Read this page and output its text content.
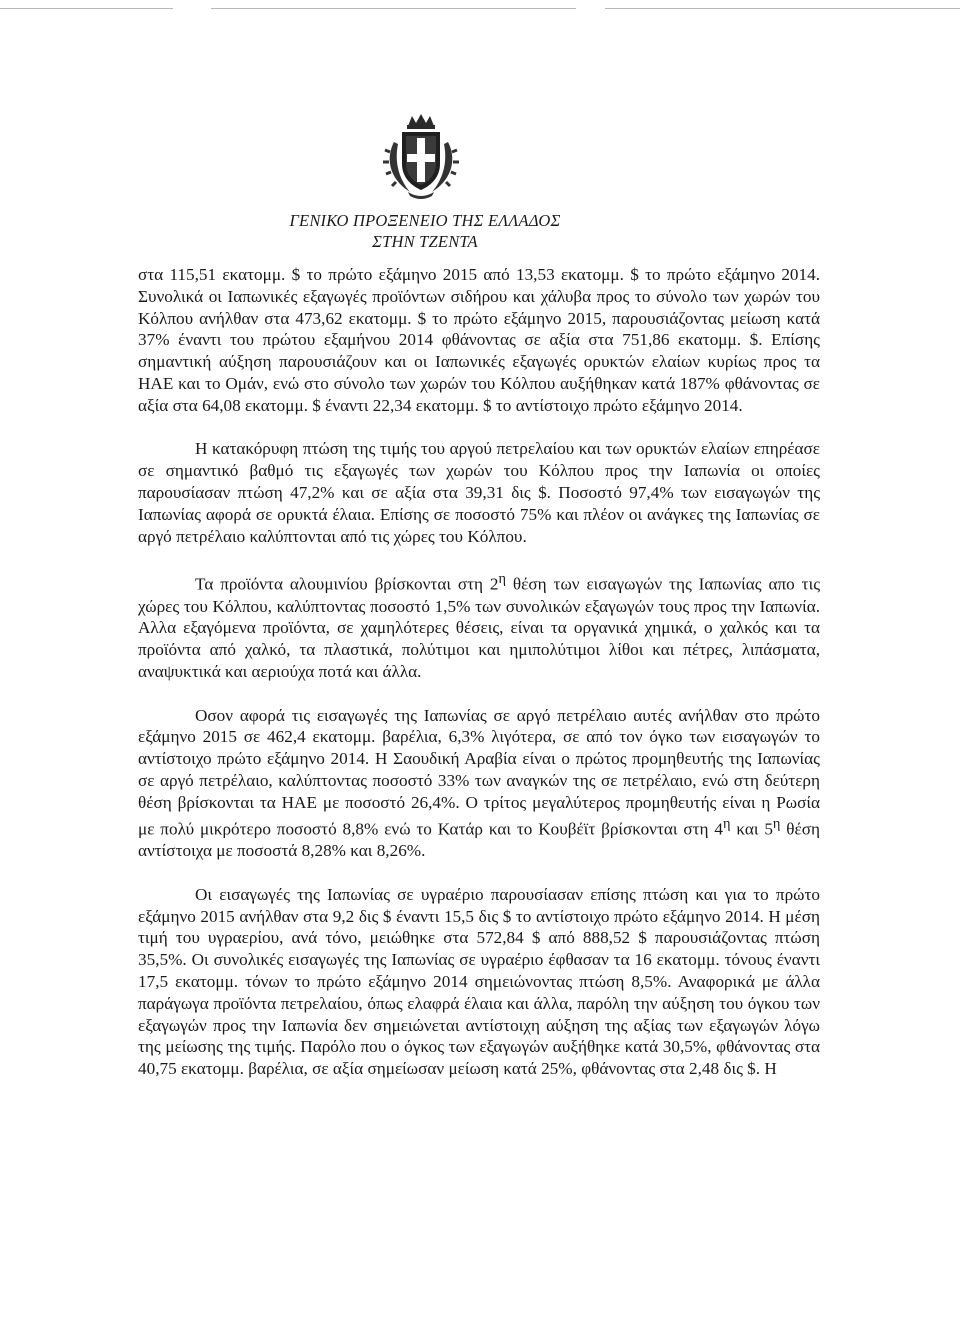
ΓΕΝΙΚΟ ΠΡΟΞΕΝΕΙΟ ΤΗΣ ΕΛΛΑΔΟΣ
ΣΤΗΝ ΤΖΕΝΤΑ

στα 115,51 εκατομμ. $ το πρώτο εξάμηνο 2015 από 13,53 εκατομμ. $ το πρώτο εξάμηνο 2014. Συνολικά οι Ιαπωνικές εξαγωγές προϊόντων σιδήρου και χάλυβα προς το σύνολο των χωρών του Κόλπου ανήλθαν στα 473,62 εκατομμ. $ το πρώτο εξάμηνο 2015, παρουσιάζοντας μείωση κατά 37% έναντι του πρώτου εξαμήνου 2014 φθάνοντας σε αξία στα 751,86 εκατομμ. $. Επίσης σημαντική αύξηση παρουσιάζουν και οι Ιαπωνικές εξαγωγές ορυκτών ελαίων κυρίως προς τα ΗΑΕ και το Ομάν, ενώ στο σύνολο των χωρών του Κόλπου αυξήθηκαν κατά 187% φθάνοντας σε αξία στα 64,08 εκατομμ. $ έναντι 22,34 εκατομμ. $ το αντίστοιχο πρώτο εξάμηνο 2014.

Η κατακόρυφη πτώση της τιμής του αργού πετρελαίου και των ορυκτών ελαίων επηρέασε σε σημαντικό βαθμό τις εξαγωγές των χωρών του Κόλπου προς την Ιαπωνία οι οποίες παρουσίασαν πτώση 47,2% και σε αξία στα 39,31 δις $. Ποσοστό 97,4% των εισαγωγών της Ιαπωνίας αφορά σε ορυκτά έλαια. Επίσης σε ποσοστό 75% και πλέον οι ανάγκες της Ιαπωνίας σε αργό πετρέλαιο καλύπτονται από τις χώρες του Κόλπου.

Τα προϊόντα αλουμινίου βρίσκονται στη $2^\eta$ θέση των εισαγωγών της Ιαπωνίας απο τις χώρες του Κόλπου, καλύπτοντας ποσοστό 1,5% των συνολικών εξαγωγών τους προς την Ιαπωνία. Αλλα εξαγόμενα προϊόντα, σε χαμηλότερες θέσεις, είναι τα οργανικά χημικά, ο χαλκός και τα προϊόντα από χαλκό, τα πλαστικά, πολύτιμοι και ημιπολύτιμοι λίθοι και πέτρες, λιπάσματα, αναψυκτικά και αεριούχα ποτά και άλλα.

Οσον αφορά τις εισαγωγές της Ιαπωνίας σε αργό πετρέλαιο αυτές ανήλθαν στο πρώτο εξάμηνο 2015 σε 462,4 εκατομμ. βαρέλια, 6,3% λιγότερα, σε από τον όγκο των εισαγωγών το αντίστοιχο πρώτο εξάμηνο 2014. Η Σαουδική Αραβία είναι ο πρώτος προμηθευτής της Ιαπωνίας σε αργό πετρέλαιο, καλύπτοντας ποσοστό 33% των αναγκών της σε πετρέλαιο, ενώ στη δεύτερη θέση βρίσκονται τα ΗΑΕ με ποσοστό 26,4%. Ο τρίτος μεγαλύτερος προμηθευτής είναι η Ρωσία με πολύ μικρότερο ποσοστό 8,8% ενώ το Κατάρ και το Κουβέϊτ βρίσκονται στη $4^\eta$ και $5^\eta$ θέση αντίστοιχα με ποσοστά 8,28% και 8,26%.

Οι εισαγωγές της Ιαπωνίας σε υγραέριο παρουσίασαν επίσης πτώση και για το πρώτο εξάμηνο 2015 ανήλθαν στα 9,2 δις $ έναντι 15,5 δις $ το αντίστοιχο πρώτο εξάμηνο 2014. Η μέση τιμή του υγραερίου, ανά τόνο, μειώθηκε στα 572,84 $ από 888,52 $ παρουσιάζοντας πτώση 35,5%. Οι συνολικές εισαγωγές της Ιαπωνίας σε υγραέριο έφθασαν τα 16 εκατομμ. τόνους έναντι 17,5 εκατομμ. τόνων το πρώτο εξάμηνο 2014 σημειώνοντας πτώση 8,5%. Αναφορικά με άλλα παράγωγα προϊόντα πετρελαίου, όπως ελαφρά έλαια και άλλα, παρόλη την αύξηση του όγκου των εξαγωγών προς την Ιαπωνία δεν σημειώνεται αντίστοιχη αύξηση της αξίας των εξαγωγών λόγω της μείωσης της τιμής. Παρόλο που ο όγκος των εξαγωγών αυξήθηκε κατά 30,5%, φθάνοντας στα 40,75 εκατομμ. βαρέλια, σε αξία σημείωσαν μείωση κατά 25%, φθάνοντας στα 2,48 δις $. Η
